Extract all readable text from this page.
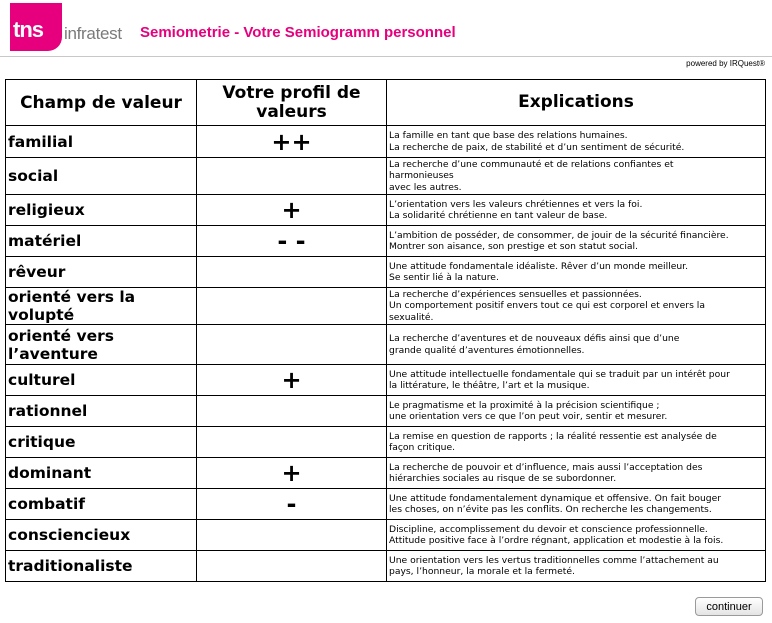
tns infratest Semiometrie - Votre Semiogramm personnel
powered by IRQuest®
Champ de valeur	Votre profil de valeurs	Explications
familial	++	La famille en tant que base des relations humaines.
La recherche de paix, de stabilité et d’un sentiment de sécurité.

social		La recherche d’une communauté et de relations confiantes et
harmonieuses
avec les autres.

religieux	+	L’orientation vers les valeurs chrétiennes et vers la foi.
La solidarité chrétienne en tant valeur de base.

matériel	- -	L’ambition de posséder, de consommer, de jouir de la sécurité financière.
Montrer son aisance, son prestige et son statut social.

rêveur		Une attitude fondamentale idéaliste. Rêver d’un monde meilleur.
Se sentir lié à la nature.

orienté vers la volupté		La recherche d’expériences sensuelles et passionnées.
Un comportement positif envers tout ce qui est corporel et envers la
sexualité.

orienté vers l’aventure		La recherche d’aventures et de nouveaux défis ainsi que d’une
grande qualité d’aventures émotionnelles.

culturel	+	Une attitude intellectuelle fondamentale qui se traduit par un intérêt pour
la littérature, le théâtre, l’art et la musique.

rationnel		Le pragmatisme et la proximité à la précision scientifique ;
une orientation vers ce que l’on peut voir, sentir et mesurer.

critique		La remise en question de rapports ; la réalité ressentie est analysée de
façon critique.

dominant	+	La recherche de pouvoir et d’influence, mais aussi l’acceptation des
hiérarchies sociales au risque de se subordonner.

combatif	-	Une attitude fondamentalement dynamique et offensive. On fait bouger
les choses, on n’évite pas les conflits. On recherche les changements.

consciencieux		Discipline, accomplissement du devoir et conscience professionnelle.
Attitude positive face à l’ordre régnant, application et modestie à la fois.

traditionaliste		Une orientation vers les vertus traditionnelles comme l’attachement au
pays, l’honneur, la morale et la fermeté.
continuer
